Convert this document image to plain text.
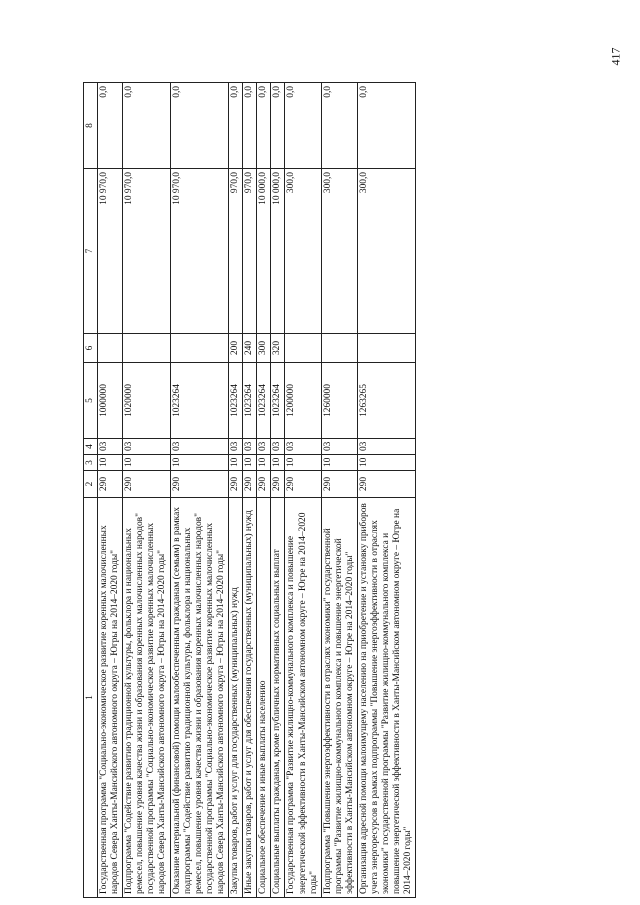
417
1	2	3	4	5	6	7	8
Государственная программа "Социально-экономическое развитие коренных малочисленных народов Севера Ханты-Мансийского автономного округа – Югры на 2014–2020 годы"	290	10	03	1000000		10 970,0	0,0
Подпрограмма "Содействие развитию традиционной культуры, фольклора и национальных ремесел, повышение уровня качества жизни и образования коренных малочисленных народов" государственной программы "Социально-экономическое развитие коренных малочисленных народов Севера Ханты-Мансийского автономного округа – Югры на 2014–2020 годы"	290	10	03	1020000		10 970,0	0,0
Оказание материальной (финансовой) помощи малообеспеченным гражданам (семьям) в рамках подпрограммы "Содействие развитию традиционной культуры, фольклора и национальных ремесел, повышение уровня качества жизни и образования коренных малочисленных народов" государственной программы "Социально-экономическое развитие коренных малочисленных народов Севера Ханты-Мансийского автономного округа – Югры на 2014–2020 годы"	290	10	03	1023264		10 970,0	0,0
Закупка товаров, работ и услуг для государственных (муниципальных) нужд	290	10	03	1023264	200	970,0	0,0
Иные закупки товаров, работ и услуг для обеспечения государственных (муниципальных) нужд	290	10	03	1023264	240	970,0	0,0
Социальное обеспечение и иные выплаты населению	290	10	03	1023264	300	10 000,0	0,0
Социальные выплаты гражданам, кроме публичных нормативных социальных выплат	290	10	03	1023264	320	10 000,0	0,0
Государственная программа "Развитие жилищно-коммунального комплекса и повышение энергетической эффективности в Ханты-Мансийском автономном округе – Югре на 2014–2020 годы"	290	10	03	1200000		300,0	0,0
Подпрограмма "Повышение энергоэффективности в отраслях экономики" государственной программы "Развитие жилищно-коммунального комплекса и повышение энергетической эффективности в Ханты-Мансийском автономном округе – Югре на 2014–2020 годы"	290	10	03	1260000		300,0	0,0
Организация адресной помощи малоимущему населению на приобретение и установку приборов учета энергоресурсов в рамках подпрограммы "Повышение энергоэффективности в отраслях экономики" государственной программы "Развитие жилищно-коммунального комплекса и повышение энергетической эффективности в Ханты-Мансийском автономном округе – Югре на 2014–2020 годы"	290	10	03	1263265		300,0	0,0
